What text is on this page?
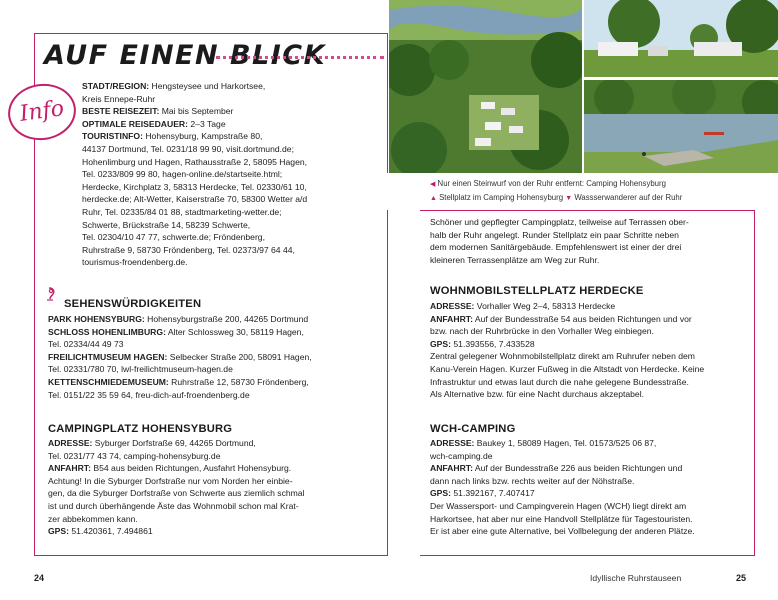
AUF EINEN BLICK
Info

STADT/REGION: Hengsteysee und Harkortsee,

Kreis Ennepe-Ruhr

BESTE REISEZEIT: Mai bis September

OPTIMALE REISEDAUER: 2–3 Tage

TOURISTINFO: Hohensyburg, Kampstraße 80,

44137 Dortmund, Tel. 0231/18 99 90, visit.dortmund.de;

Hohenlimburg und Hagen, Rathausstraße 2, 58095 Hagen,

Tel. 0233/809 99 80, hagen-online.de/startseite.html;

Herdecke, Kirchplatz 3, 58313 Herdecke, Tel. 02330/61 10,

herdecke.de; Alt-Wetter, Kaiserstraße 70, 58300 Wetter a/d

Ruhr, Tel. 02335/84 01 88, stadtmarketing-wetter.de;

Schwerte, Brückstraße 14, 58239 Schwerte,

Tel. 02304/10 47 77, schwerte.de; Fröndenberg,

Ruhrstraße 9, 58730 Fröndenberg, Tel. 02373/97 64 44,

tourismus-froendenberg.de.

SEHENSWÜRDIGKEITEN

PARK HOHENSYBURG: Hohensyburgstraße 200, 44265 Dortmund

SCHLOSS HOHENLIMBURG: Alter Schlossweg 30, 58119 Hagen,

Tel. 02334/44 49 73

FREILICHTMUSEUM HAGEN: Selbecker Straße 200, 58091 Hagen,

Tel. 02331/780 70, lwl-freilichtmuseum-hagen.de

KETTENSCHMIEDEMUSEUM: Ruhrstraße 12, 58730 Fröndenberg,

Tel. 0151/22 35 59 64, freu-dich-auf-froendenberg.de

CAMPINGPLATZ HOHENSYBURG

ADRESSE: Syburger Dorfstraße 69, 44265 Dortmund,

Tel. 0231/77 43 74, camping-hohensyburg.de

ANFAHRT: B54 aus beiden Richtungen, Ausfahrt Hohensyburg.

Achtung! In die Syburger Dorfstraße nur vom Norden her einbie-

gen, da die Syburger Dorfstraße von Schwerte aus ziemlich schmal

ist und durch überhängende Äste das Wohnmobil schon mal Krat-

zer abbekommen kann.

GPS: 51.420361, 7.494861

◀ Nur einen Steinwurf von der Ruhr entfernt: Camping Hohensyburg

▲ Stellplatz im Camping Hohensyburg ▼ Wassserwanderer auf der Ruhr

Schöner und gepflegter Campingplatz, teilweise auf Terrassen ober-

halb der Ruhr angelegt. Runder Stellplatz ein paar Schritte neben

dem modernen Sanitärgebäude. Empfehlenswert ist einer der drei

kleineren Terrassenplätze am Weg zur Ruhr.

WOHNMOBILSTELLPLATZ HERDECKE

ADRESSE: Vorhaller Weg 2–4, 58313 Herdecke

ANFAHRT: Auf der Bundesstraße 54 aus beiden Richtungen und vor

bzw. nach der Ruhrbrücke in den Vorhaller Weg einbiegen.

GPS: 51.393556, 7.433528

Zentral gelegener Wohnmobilstellplatz direkt am Ruhrufer neben dem

Kanu-Verein Hagen. Kurzer Fußweg in die Altstadt von Herdecke. Keine

Infrastruktur und etwas laut durch die nahe gelegene Bundesstraße.

Als Alternative bzw. für eine Nacht durchaus akzeptabel.

WCH-CAMPING

ADRESSE: Baukey 1, 58089 Hagen, Tel. 01573/525 06 87,

wch-camping.de

ANFAHRT: Auf der Bundesstraße 226 aus beiden Richtungen und

dann nach links bzw. rechts weiter auf der Nöhstraße.

GPS: 51.392167, 7.407417

Der Wassersport- und Campingverein Hagen (WCH) liegt direkt am

Harkortsee, hat aber nur eine Handvoll Stellplätze für Tagestouristen.

Er ist aber eine gute Alternative, bei Vollbelegung der anderen Plätze.

24	Idyllische Ruhrstauseen	25
